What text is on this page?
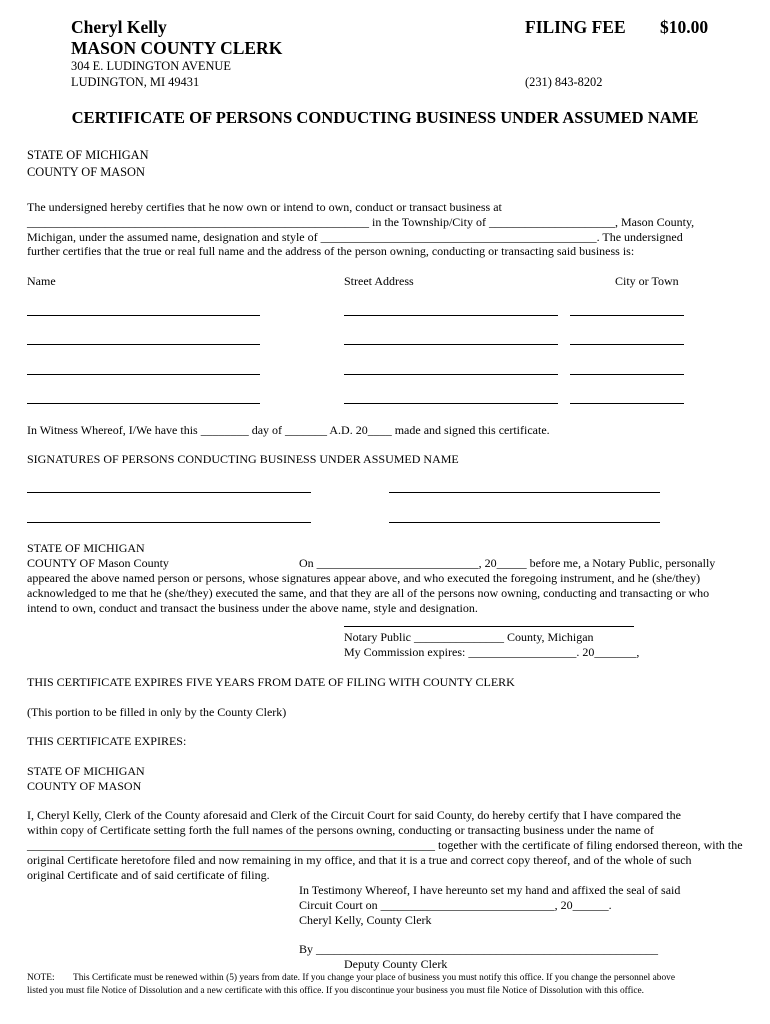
Cheryl Kelly
MASON COUNTY CLERK
304 E. LUDINGTON AVENUE
LUDINGTON, MI 49431
FILING FEE $10.00
(231) 843-8202
CERTIFICATE OF PERSONS CONDUCTING BUSINESS UNDER ASSUMED NAME
STATE OF MICHIGAN
COUNTY OF MASON
The undersigned hereby certifies that he now own or intend to own, conduct or transact business at
_________________________________________________________ in the Township/City of _____________________, Mason County,
Michigan, under the assumed name, designation and style of ______________________________________________. The undersigned
further certifies that the true or real full name and the address of the person owning, conducting or transacting said business is:
Name	Street Address	City or Town
In Witness Whereof, I/We have this ________ day of _______ A.D. 20____ made and signed this certificate.
SIGNATURES OF PERSONS CONDUCTING BUSINESS UNDER ASSUMED NAME
STATE OF MICHIGAN
COUNTY OF Mason County	On ___________________________, 20_____ before me, a Notary Public, personally
appeared the above named person or persons, whose signatures appear above, and who executed the foregoing instrument, and he (she/they)
acknowledged to me that he (she/they) executed the same, and that they are all of the persons now owning, conducting and transacting or who
intend to own, conduct and transact the business under the above name, style and designation.
Notary Public _______________ County, Michigan
My Commission expires: __________________. 20_______,
THIS CERTIFICATE EXPIRES FIVE YEARS FROM DATE OF FILING WITH COUNTY CLERK
(This portion to be filled in only by the County Clerk)
THIS CERTIFICATE EXPIRES:
STATE OF MICHIGAN
COUNTY OF MASON
I, Cheryl Kelly, Clerk of the County aforesaid and Clerk of the Circuit Court for said County, do hereby certify that I have compared the
within copy of Certificate setting forth the full names of the persons owning, conducting or transacting business under the name of
____________________________________________________________________ together with the certificate of filing endorsed thereon, with the
original Certificate heretofore filed and now remaining in my office, and that it is a true and correct copy thereof, and of the whole of such
original Certificate and of said certificate of filing.
In Testimony Whereof, I have hereunto set my hand and affixed the seal of said
Circuit Court on _____________________________, 20______.
Cheryl Kelly, County Clerk
By _________________________________________________________
Deputy County Clerk
NOTE: This Certificate must be renewed within (5) years from date. If you change your place of business you must notify this office. If you change the personnel above
listed you must file Notice of Dissolution and a new certificate with this office. If you discontinue your business you must file Notice of Dissolution with this office.
